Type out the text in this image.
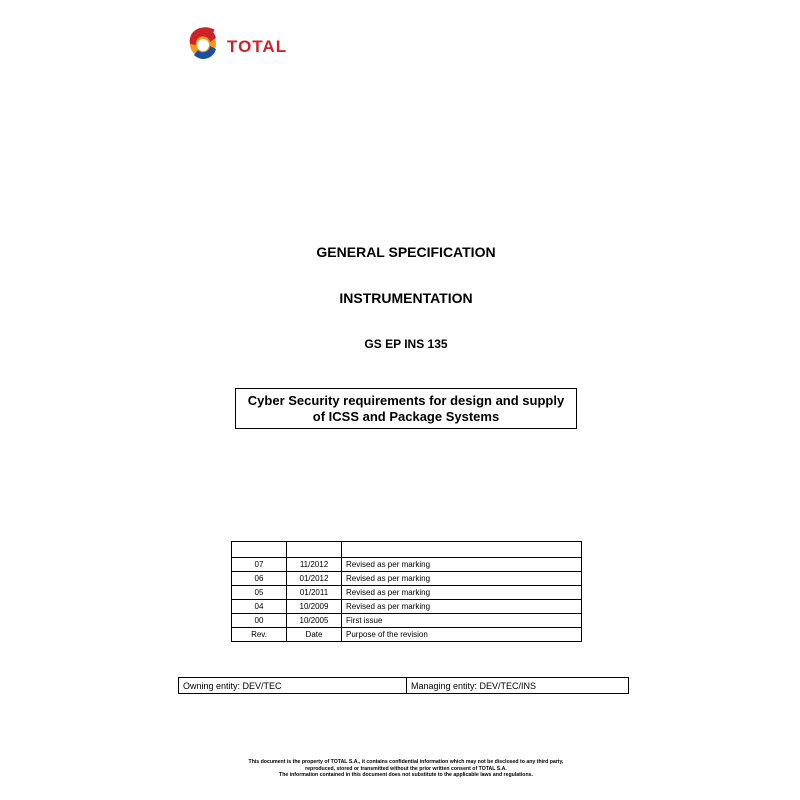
TOTAL
GENERAL SPECIFICATION
INSTRUMENTATION
GS EP INS 135
Cyber Security requirements for design and supply
of ICSS and Package Systems

07	11/2012	Revised as per marking
06	01/2012	Revised as per marking
05	01/2011	Revised as per marking
04	10/2009	Revised as per marking
00	10/2005	First issue
Rev.	Date	Purpose of the revision
Owning entity: DEV/TEC	Managing entity: DEV/TEC/INS
This document is the property of TOTAL S.A., it contains confidential information which may not be disclosed to any third party,
reproduced, stored or transmitted without the prior written consent of TOTAL S.A.
The information contained in this document does not substitute to the applicable laws and regulations.
